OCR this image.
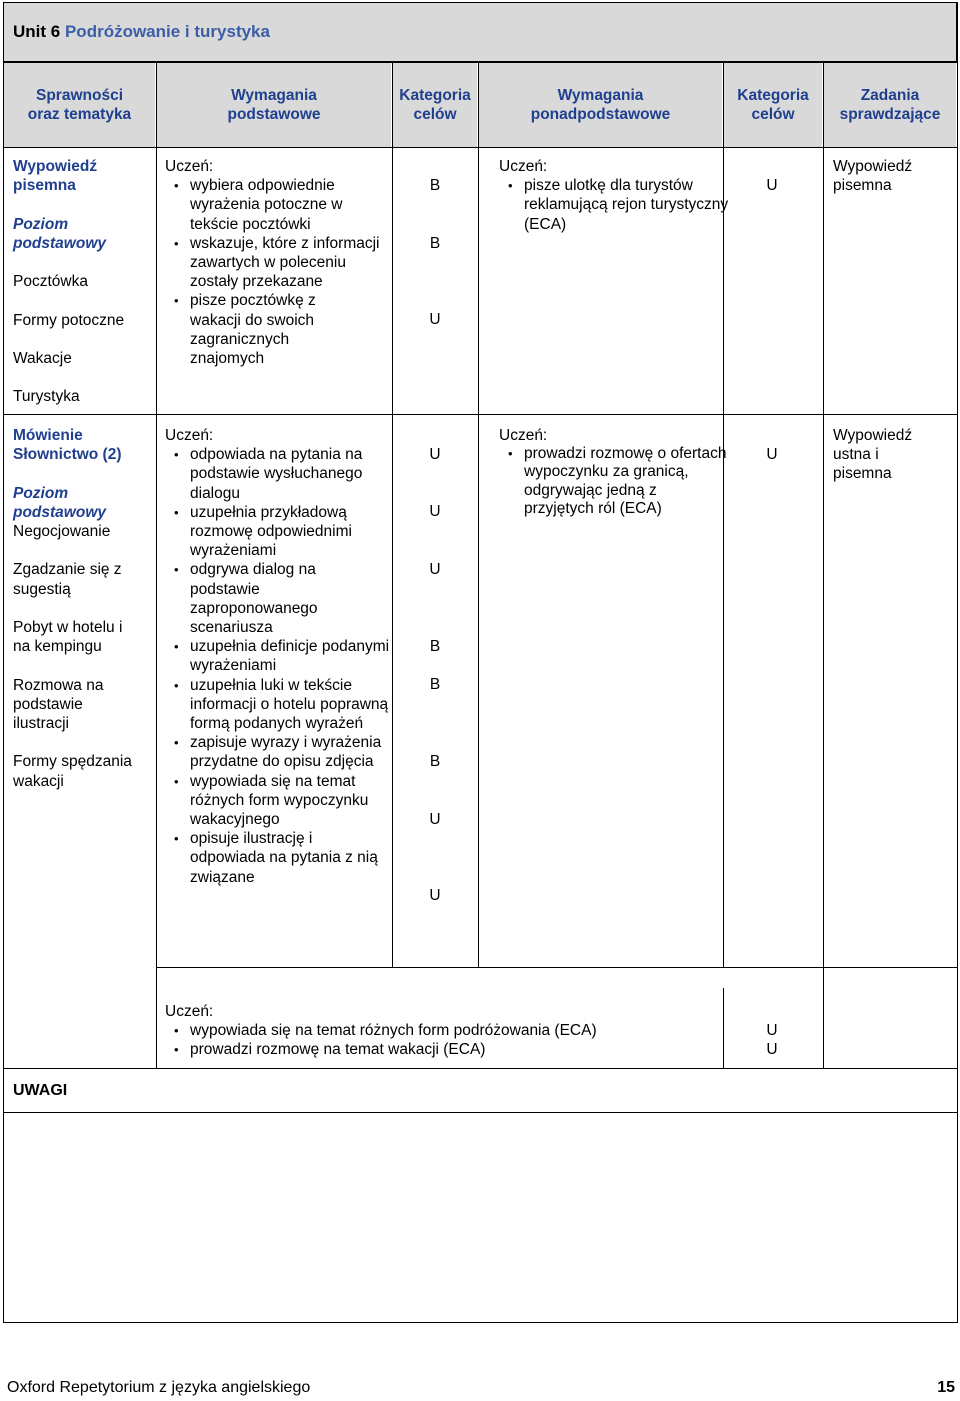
Unit 6 Podróżowanie i turystyka
Sprawności oraz tematyka
Wymagania podstawowe
Kategoria celów
Wymagania ponadpodstawowe
Kategoria celów
Zadania sprawdzające
Wypowiedź pisemna
Poziom podstawowy
Pocztówka
Formy potoczne
Wakacje
Turystyka
Uczeń:
• wybiera odpowiednie wyrażenia potoczne w tekście pocztówki
• wskazuje, które z informacji zawartych w poleceniu zostały przekazane
• pisze pocztówkę z wakacji do swoich zagranicznych znajomych
B
B
U
Uczeń:
• pisze ulotkę dla turystów reklamującą rejon turystyczny (ECA)
U
Wypowiedź pisemna
Mówienie Słownictwo (2)
Poziom podstawowy
Negocjowanie
Zgadzanie się z sugestią
Pobyt w hotelu i na kempingu
Rozmowa na podstawie ilustracji
Formy spędzania wakacji
Uczeń:
• odpowiada na pytania na podstawie wysłuchanego dialogu
• uzupełnia przykładową rozmowę odpowiednimi wyrażeniami
• odgrywa dialog na podstawie zaproponowanego scenariusza
• uzupełnia definicje podanymi wyrażeniami
• uzupełnia luki w tekście informacji o hotelu poprawną formą podanych wyrażeń
• zapisuje wyrazy i wyrażenia przydatne do opisu zdjęcia
• wypowiada się na temat różnych form wypoczynku wakacyjnego
• opisuje ilustrację i odpowiada na pytania z nią związane
U
U
U
B
B
B
U
U
Uczeń:
• prowadzi rozmowę o ofertach wypoczynku za granicą, odgrywając jedną z przyjętych ról (ECA)
U
Wypowiedź ustna i pisemna
Uczeń:
• wypowiada się na temat różnych form podróżowania (ECA)
• prowadzi rozmowę na temat wakacji (ECA)
U
U
UWAGI
Oxford Repetytorium z języka angielskiego	15
